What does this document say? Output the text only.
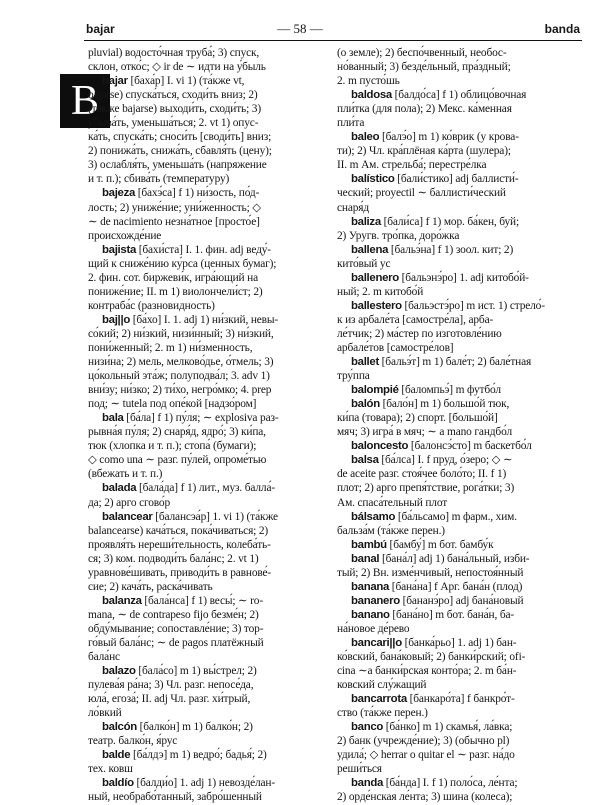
bajar	— 58 —	banda
B
pluvial) водосто́чная труба́; 3) спуск,
склон, отко́с; ◇ ir de ∼ идти на у́быль
bajar [баха́р] I. vi 1) (та́кже vt,
bajarse) спуска́ться, сходи́ть вниз; 2)
(та́кже bajarse) выходи́ть, сходи́ть; 3)
убыва́ть, уменьша́ться; 2. vt 1) опус-
ка́ть, спуска́ть; сноси́ть [своди́ть] вниз;
2) понижа́ть, снижа́ть, сбавля́ть (цену);
3) ослабля́ть, уменьша́ть (напряжение
и т. п.); сбива́ть (температуру)
bajeza [бахэ́са] f 1) ни́зость, по́д-
лость; 2) униже́ние; уни́женность; ◇
∼ de nacimiento незна́тное [просто́е]
происхожде́ние
bajista [бахи́ста] I. 1. фин. adj веду́-
щий к сниже́нию ку́рса (ценных бумаг);
2. фин. сот. биржеви́к, игра́ющий на
пониже́ние; II. m 1) виолончели́ст; 2)
контраба́с (разновидность)
baj||o [ба́хо] I. 1. adj 1) ни́зкий, невы-
со́кий; 2) ни́зкий, низи́нный; 3) ни́зкий,
пони́женный; 2. m 1) ни́зменность,
низи́на; 2) мель, мелково́дье, о́тмель; 3)
цо́кольный эта́ж; полуподва́л; 3. adv 1)
вни́зу; ни́зко; 2) ти́хо, негро́мко; 4. prep
под; ∼ tutela под опе́кой [надзо́ром]
bala [ба́ла] f 1) пу́ля; ∼ explosiva раз-
рывна́я пу́ля; 2) снаря́д, ядро́; 3) ки́па,
тюк (хлопка и т. п.); стопа́ (бумаги);
◇ como una ∼ разг. пу́лей, опроме́тью
(вбежать и т. п.)
balada [бала́да] f 1) лит., муз. балла́-
да; 2) арго сгово́р
balancear [балансэа́р] 1. vi 1) (та́кже
balancearse) кача́ться, пока́чиваться; 2)
проявля́ть нереши́тельность, колеба́ть-
ся; 3) ком. подводи́ть бала́нс; 2. vt 1)
уравнове́шивать, приводи́ть в равнове́-
сие; 2) кача́ть, раска́чивать
balanza [бала́нса] f 1) весы́; ∼ ro-
mana, ∼ de contrapeso fijo безме́н; 2)
обду́мывание; сопоставле́ние; 3) тор-
го́вый бала́нс; ∼ de pagos платёжный
бала́нс
balazo [бала́со] m 1) вы́стрел; 2)
пулева́я ра́на; 3) Чл. разг. непосе́да,
юла́, егоза́; II. adj Чл. разг. хи́трый,
ло́вкий
balcón [балко́н] m 1) балко́н; 2)
театр. балко́н, я́рус
balde [ба́лдэ] m 1) ведро́; бадья́; 2)
тех. ковш
baldío [балди́о] 1. adj 1) невозде́лан-
ный, необрабо́танный, забро́шенный
(о земле); 2) беспо́чвенный, необос-
но́ванный; 3) безде́льный, пра́здный;
2. m пусто́шь
baldosa [балдо́са] f 1) облицо́вочная
пли́тка (для пола); 2) Мекс. ка́менная
пли́та
baleo [балэ́о] m 1) ко́врик (у крова-
ти); 2) Чл. кра́плёная ка́рта (шулера);
II. m Ам. стрельба́; перестре́лка
balístico [бали́стико] adj баллисти́-
ческий; proyectil ∼ баллисти́ческий
снаря́д
baliza [бали́са] f 1) мор. ба́кен, буй;
2) Уругв. тро́пка, доро́жка
ballena [бальэ́на] f 1) зоол. кит; 2)
кито́вый ус
ballenero [бальэнэ́ро] 1. adj китобо́й-
ный; 2. m китобо́й
ballestero [бальэстэ́ро] m ист. 1) стрело́-
к из арбале́та [самостре́ла], арба-
ле́тчик; 2) ма́стер по изготовле́нию
арбале́тов [самостре́лов]
ballet [бальэ́т] m 1) бале́т; 2) бале́тная
тру́ппа
balompié [баломпьэ́] m футбо́л
balón [бало́н] m 1) большо́й тюк,
ки́па (товара); 2) спорт. [большо́й]
мяч; 3) игра́ в мяч; ∼ a mano гандбо́л
baloncesto [балонсэ́сто] m баскетбо́л
balsa [ба́лса] I. f пруд, о́зеро; ◇ ∼
de aceite разг. стоя́чее боло́то; II. f 1)
плот; 2) арго препя́тствие, рога́тки; 3)
Ам. спаса́тельный плот
bálsamo [ба́льсамо] m фарм., хим.
бальза́м (та́кже перен.)
bambú [бамбу́] m бот. бамбу́к
banal [бана́л] adj 1) бана́льный, изби-
тый; 2) Вн. изме́нчивый, непостоя́нный
banana [бана́на] f Арг. бана́н (плод)
bananero [бананэ́ро] adj бана́новый
banano [бана́но] m бот. бана́н, ба-
на́новое де́рево
bancari||o [банка́рьо] 1. adj 1) бан-
ко́вский, бана́ковый; 2) банки́рский; ofi-
cina ∼a банки́рская конто́ра; 2. m ба́н-
ковский слу́жащий
bancarrota [банкаро́та] f банкро́т-
ство (та́кже перен.)
banco [ба́нко] m 1) скамья́, ла́вка;
2) банк (учрежде́ние); 3) (обычно pl)
удила́; ◇ herrar o quitar el ∼ разг. на́до
реши́ться
banda [ба́нда] I. f 1) поло́са, ле́нта;
2) орде́нская ле́нта; 3) шина (колеса);
